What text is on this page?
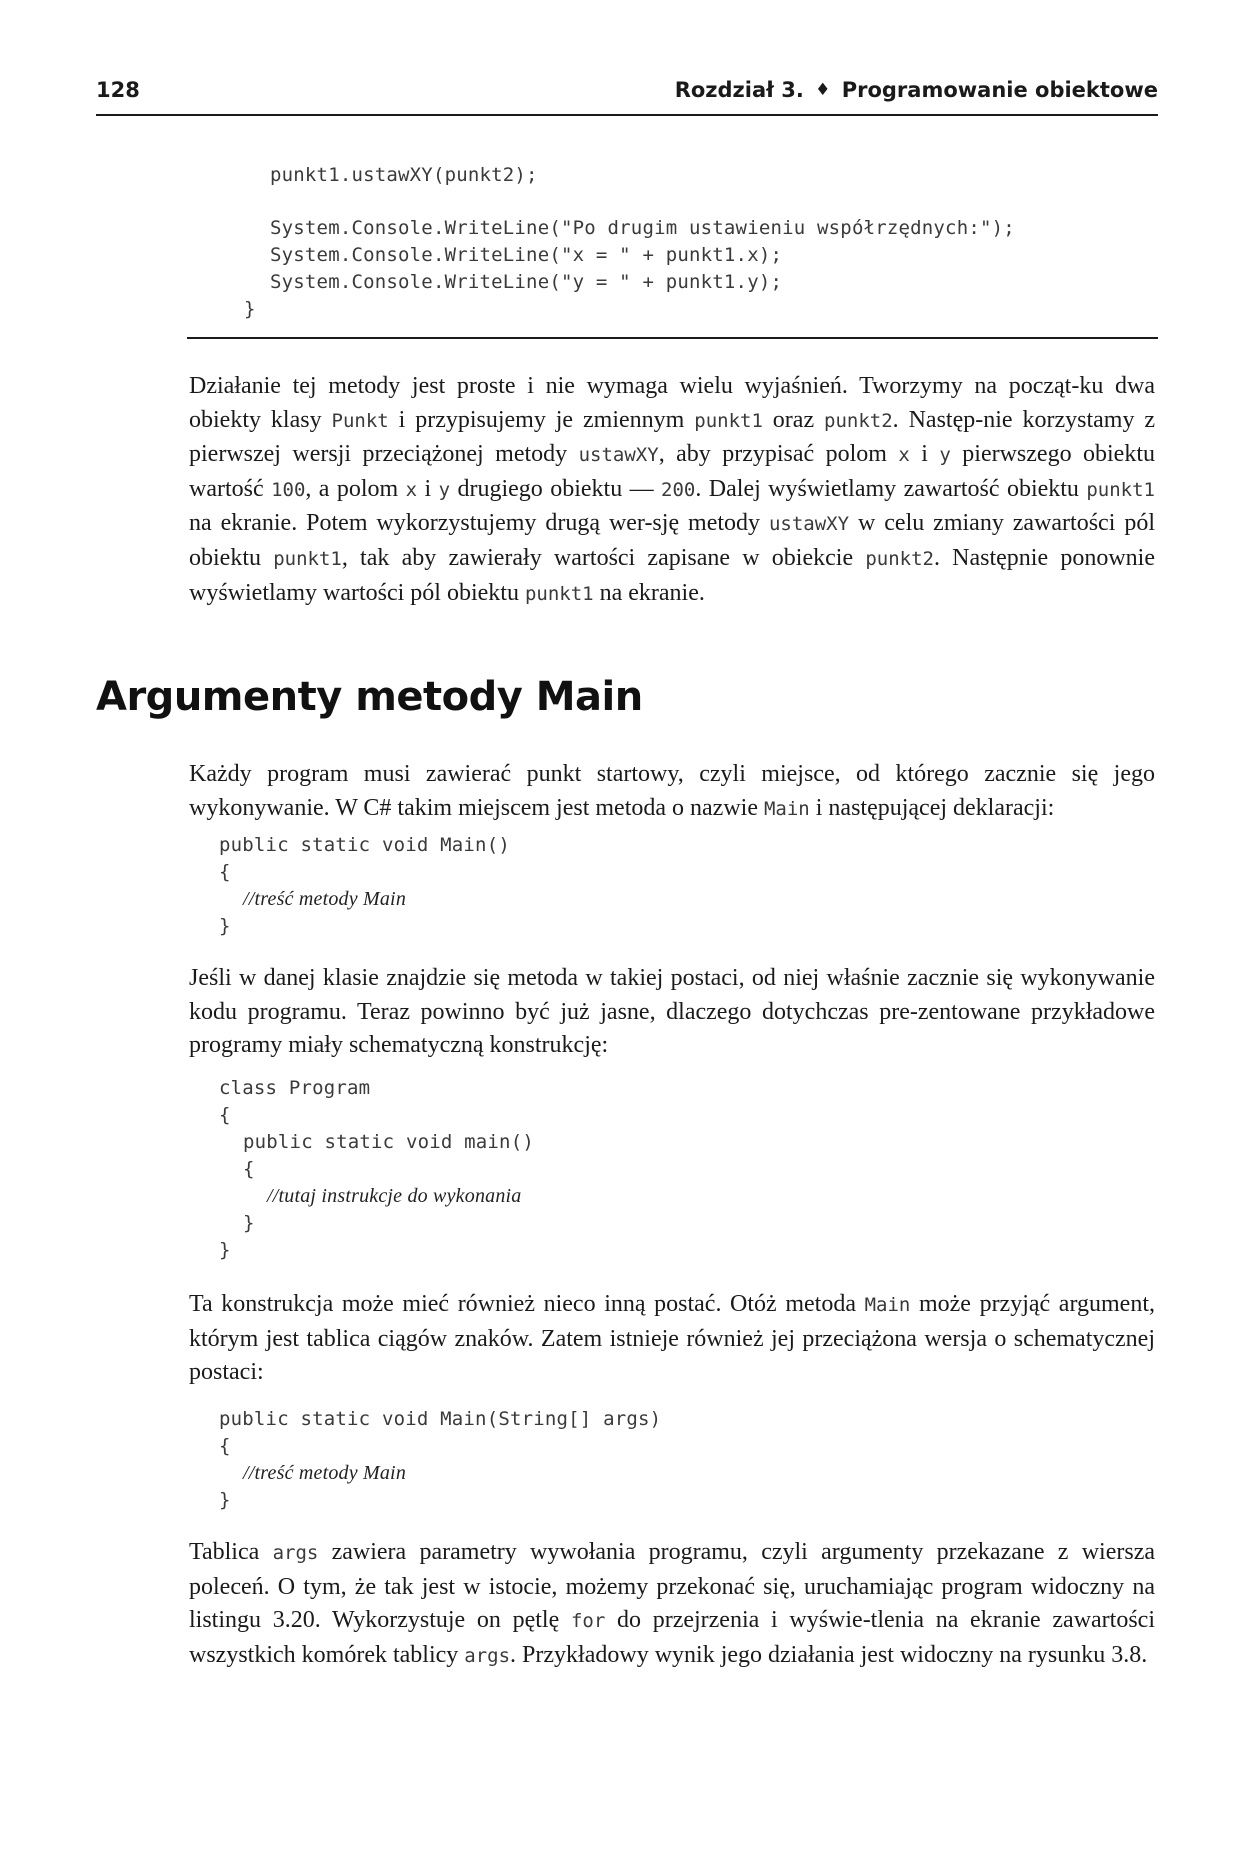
128	Rozdział 3. ♦ Programowanie obiektowe
punkt1.ustawXY(punkt2);
System.Console.WriteLine("Po drugim ustawieniu współrzędnych:");
System.Console.WriteLine("x = " + punkt1.x);
System.Console.WriteLine("y = " + punkt1.y);
}

Działanie tej metody jest proste i nie wymaga wielu wyjaśnień. Tworzymy na począt-ku dwa obiekty klasy Punkt i przypisujemy je zmiennym punkt1 oraz punkt2. Następ-nie korzystamy z pierwszej wersji przeciążonej metody ustawXY, aby przypisać polom x i y pierwszego obiektu wartość 100, a polom x i y drugiego obiektu — 200. Dalej wyświetlamy zawartość obiektu punkt1 na ekranie. Potem wykorzystujemy drugą wer-sję metody ustawXY w celu zmiany zawartości pól obiektu punkt1, tak aby zawierały wartości zapisane w obiekcie punkt2. Następnie ponownie wyświetlamy wartości pól obiektu punkt1 na ekranie.

Argumenty metody Main

Każdy program musi zawierać punkt startowy, czyli miejsce, od którego zacznie się jego wykonywanie. W C# takim miejscem jest metoda o nazwie Main i następującej deklaracji:

public static void Main()
{
//treść metody Main
}

Jeśli w danej klasie znajdzie się metoda w takiej postaci, od niej właśnie zacznie się wykonywanie kodu programu. Teraz powinno być już jasne, dlaczego dotychczas pre-zentowane przykładowe programy miały schematyczną konstrukcję:

class Program
{
public static void main()
{
//tutaj instrukcje do wykonania
}
}

Ta konstrukcja może mieć również nieco inną postać. Otóż metoda Main może przyjąć argument, którym jest tablica ciągów znaków. Zatem istnieje również jej przeciążona wersja o schematycznej postaci:

public static void Main(String[] args)
{
//treść metody Main
}

Tablica args zawiera parametry wywołania programu, czyli argumenty przekazane z wiersza poleceń. O tym, że tak jest w istocie, możemy przekonać się, uruchamiając program widoczny na listingu 3.20. Wykorzystuje on pętlę for do przejrzenia i wyświe-tlenia na ekranie zawartości wszystkich komórek tablicy args. Przykładowy wynik jego działania jest widoczny na rysunku 3.8.
